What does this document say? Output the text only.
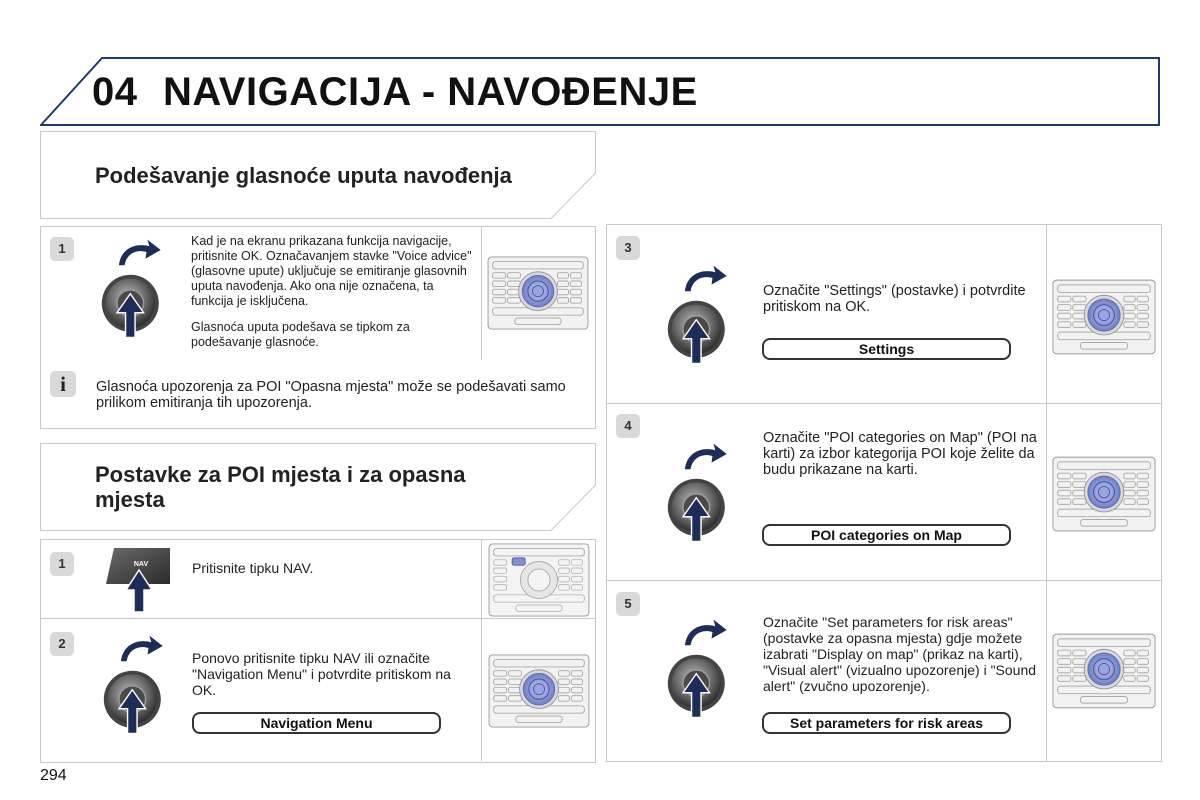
04 NAVIGACIJA - NAVOĐENJE
Podešavanje glasnoće uputa navođenja
1	Kad je na ekranu prikazana funkcija navigacije, pritisnite OK. Označavanjem stavke "Voice advice" (glasovne upute) uključuje se emitiranje glasovnih uputa navođenja. Ako ona nije označena, ta funkcija je isključena.
Glasnoća uputa podešava se tipkom za podešavanje glasnoće.
i	Glasnoća upozorenja za POI "Opasna mjesta" može se podešavati samo prilikom emitiranja tih upozorenja.
Postavke za POI mjesta i za opasna mjesta
1	NAV	Pritisnite tipku NAV.
2
Ponovo pritisnite tipku NAV ili označite "Navigation Menu" i potvrdite pritiskom na OK.
Navigation Menu
3
Označite "Settings" (postavke) i potvrdite pritiskom na OK.
Settings
4
Označite "POI categories on Map" (POI na karti) za izbor kategorija POI koje želite da budu prikazane na karti.
POI categories on Map
5
Označite "Set parameters for risk areas" (postavke za opasna mjesta) gdje možete izabrati "Display on map" (prikaz na karti), "Visual alert" (vizualno upozorenje) i "Sound alert" (zvučno upozorenje).
Set parameters for risk areas
294
